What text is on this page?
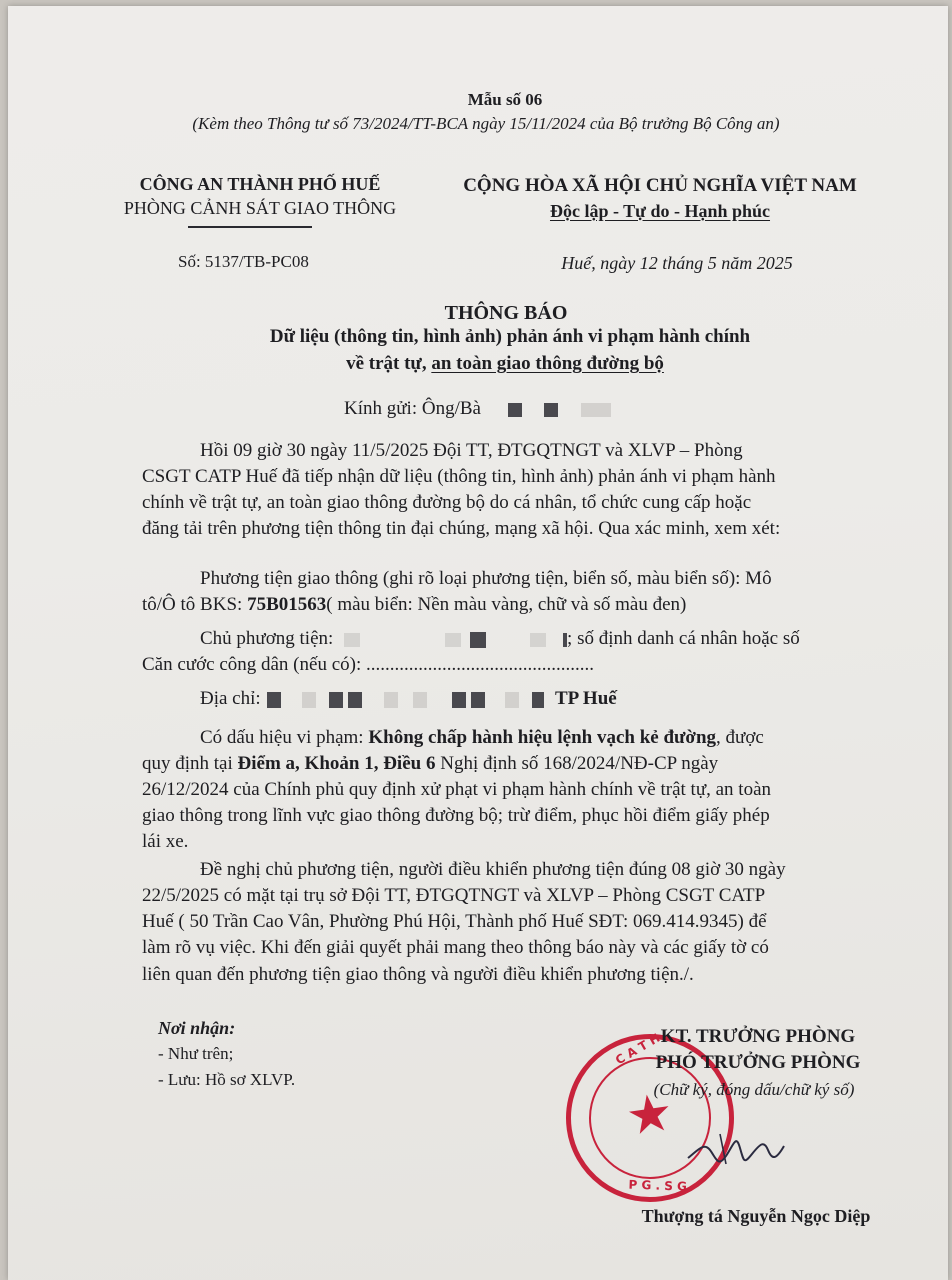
Mẫu số 06
(Kèm theo Thông tư số 73/2024/TT-BCA ngày 15/11/2024 của Bộ trưởng Bộ Công an)
CÔNG AN THÀNH PHỐ HUẾ
PHÒNG CẢNH SÁT GIAO THÔNG
Số: 5137/TB-PC08
CỘNG HÒA XÃ HỘI CHỦ NGHĨA VIỆT NAM
Độc lập - Tự do - Hạnh phúc
Huế, ngày 12 tháng 5 năm 2025
THÔNG BÁO
Dữ liệu (thông tin, hình ảnh) phản ánh vi phạm hành chính
về trật tự, an toàn giao thông đường bộ
Kính gửi: Ông/Bà
Hồi 09 giờ 30 ngày 11/5/2025 Đội TT, ĐTGQTNGT và XLVP – Phòng
CSGT CATP Huế đã tiếp nhận dữ liệu (thông tin, hình ảnh) phản ánh vi phạm hành
chính về trật tự, an toàn giao thông đường bộ do cá nhân, tổ chức cung cấp hoặc
đăng tải trên phương tiện thông tin đại chúng, mạng xã hội. Qua xác minh, xem xét:
Phương tiện giao thông (ghi rõ loại phương tiện, biển số, màu biển số): Mô
tô/Ô tô BKS: 75B01563( màu biển: Nền màu vàng, chữ và số màu đen)
Chủ phương tiện:	; số định danh cá nhân hoặc số
Căn cước công dân (nếu có): ................................................
Địa chỉ:	TP Huế
Có dấu hiệu vi phạm: Không chấp hành hiệu lệnh vạch kẻ đường, được
quy định tại Điểm a, Khoản 1, Điều 6 Nghị định số 168/2024/NĐ-CP ngày
26/12/2024 của Chính phủ quy định xử phạt vi phạm hành chính về trật tự, an toàn
giao thông trong lĩnh vực giao thông đường bộ; trừ điểm, phục hồi điểm giấy phép
lái xe.
Đề nghị chủ phương tiện, người điều khiển phương tiện đúng 08 giờ 30 ngày
22/5/2025 có mặt tại trụ sở Đội TT, ĐTGQTNGT và XLVP – Phòng CSGT CATP
Huế ( 50 Trần Cao Vân, Phường Phú Hội, Thành phố Huế SĐT: 069.414.9345) để
làm rõ vụ việc. Khi đến giải quyết phải mang theo thông báo này và các giấy tờ có
liên quan đến phương tiện giao thông và người điều khiển phương tiện./.
Nơi nhận:
- Như trên;
- Lưu: Hồ sơ XLVP.
★
C A T H
P G . S G
KT. TRƯỞNG PHÒNG
PHÓ TRƯỞNG PHÒNG
(Chữ ký, đóng dấu/chữ ký số)
Thượng tá Nguyễn Ngọc Diệp
